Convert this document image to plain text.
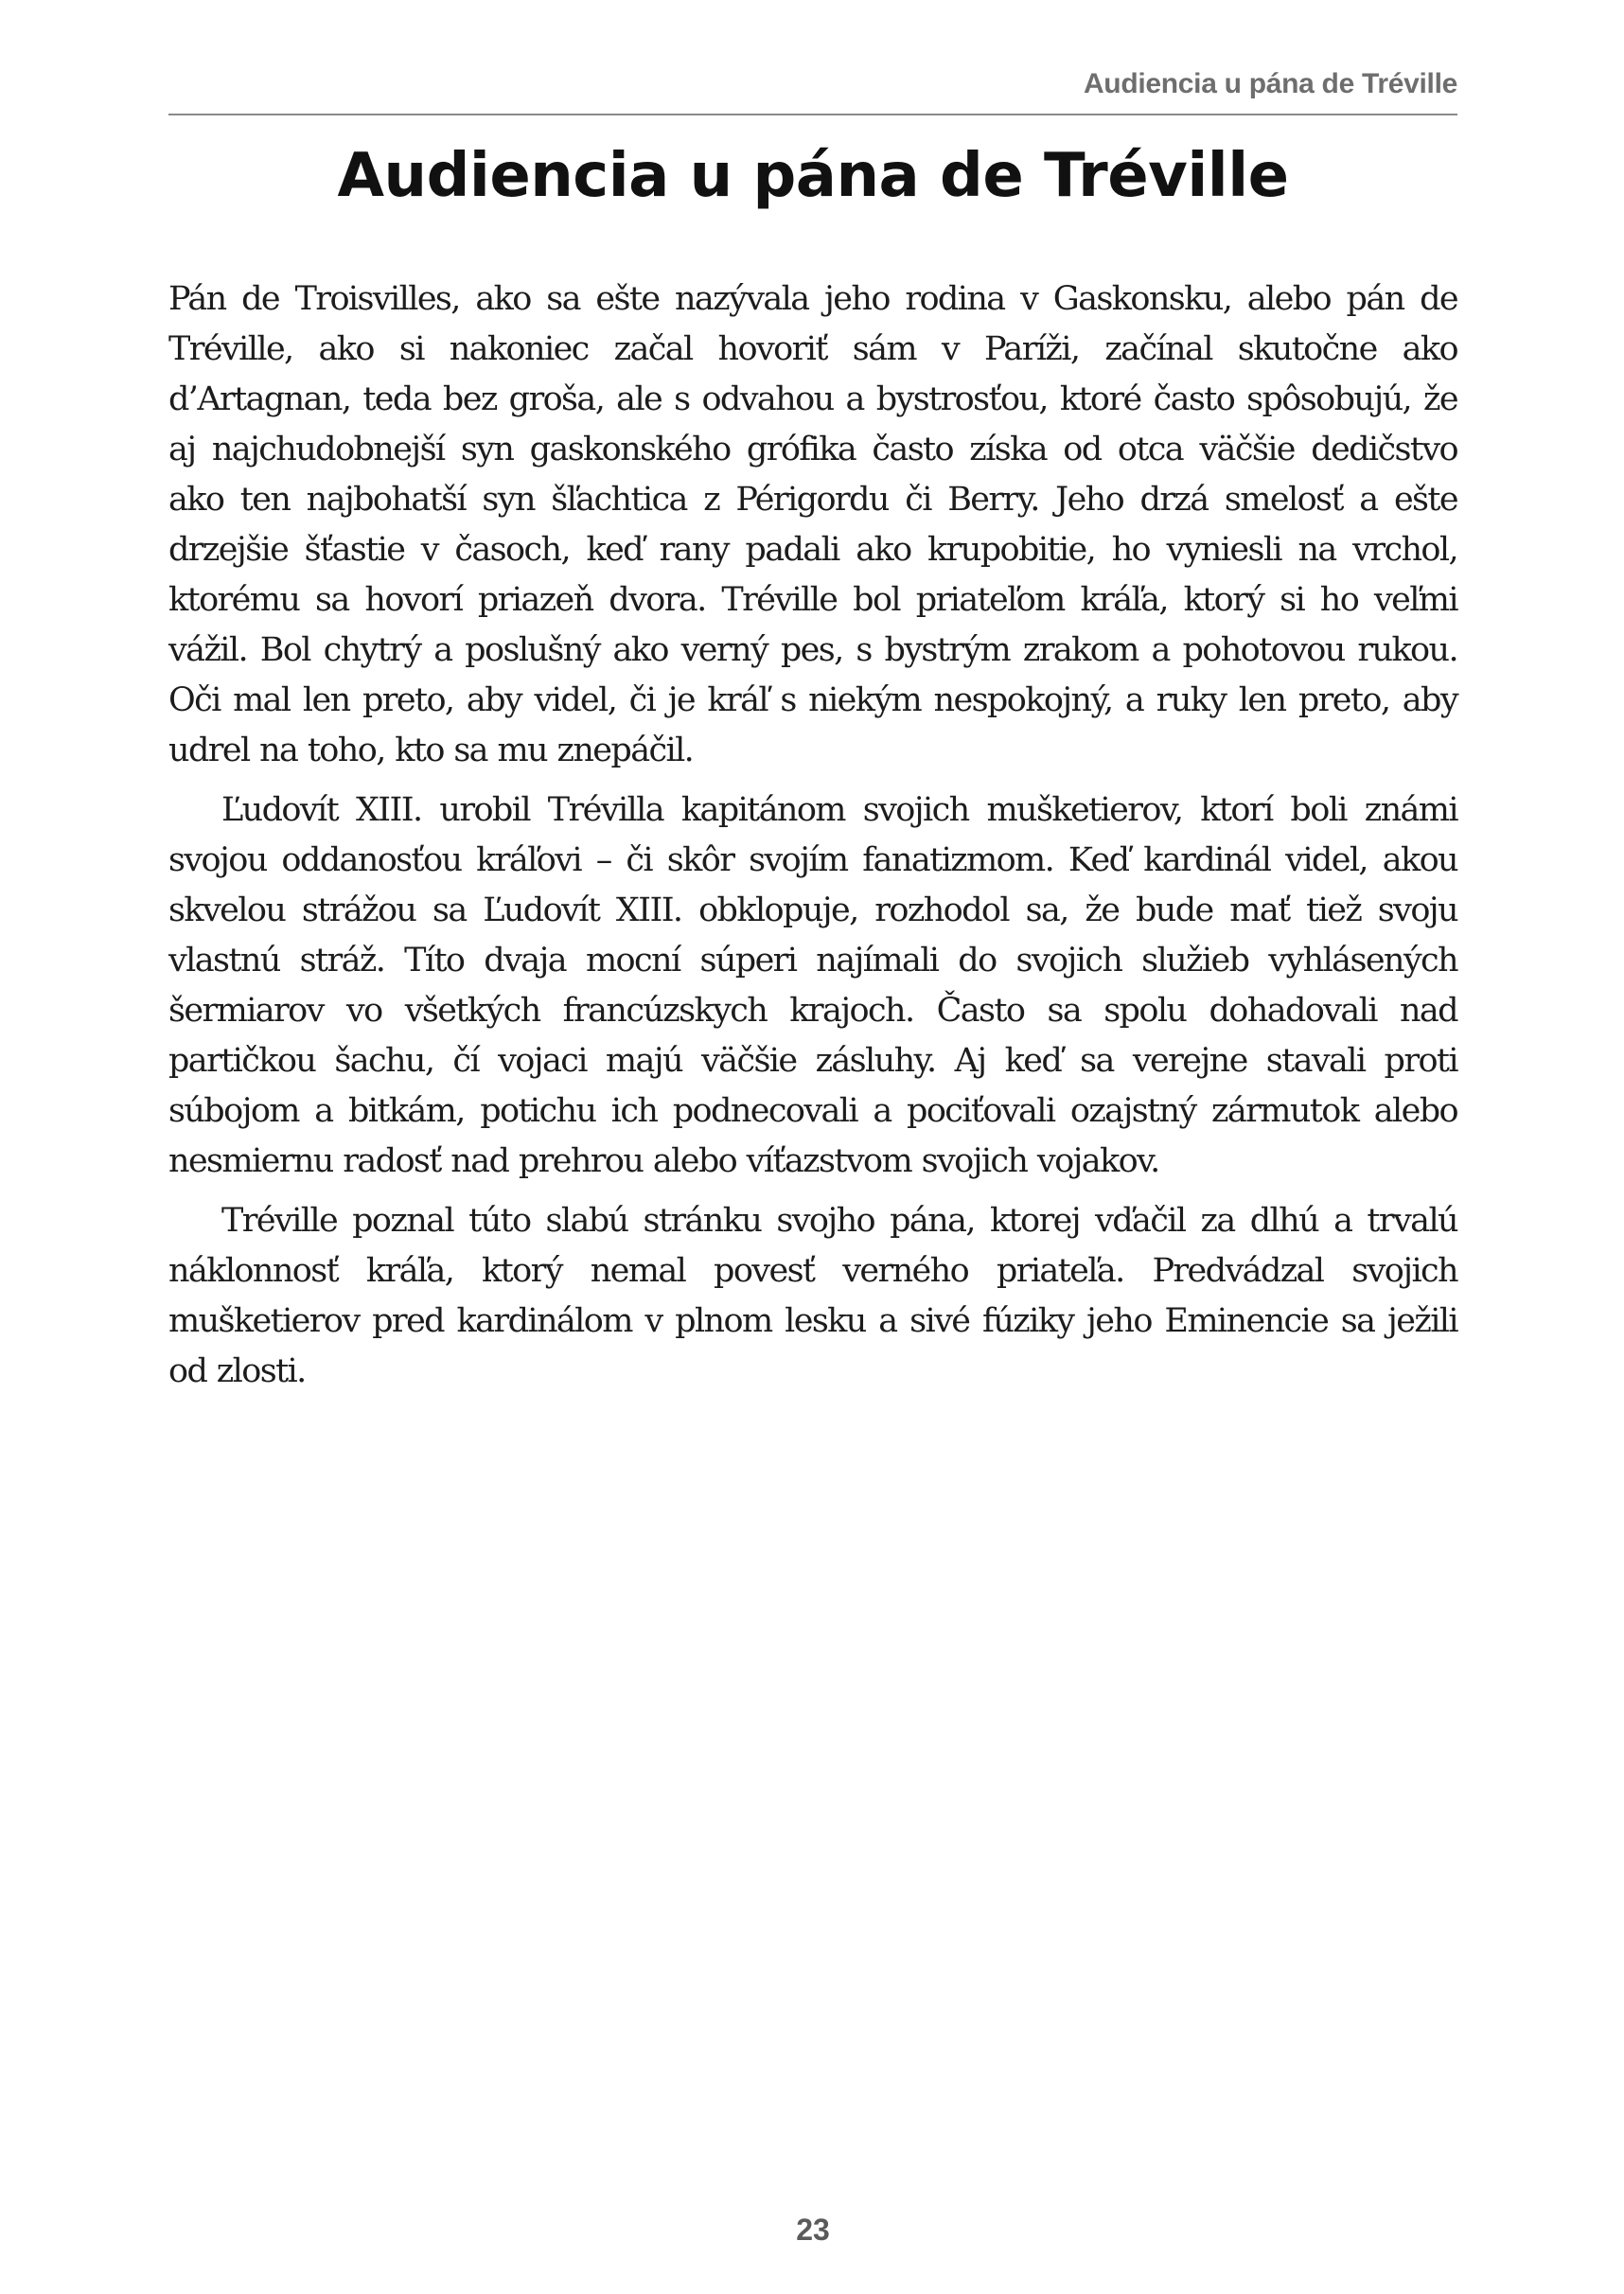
Audiencia u pána de Tréville
Audiencia u pána de Tréville

Pán de Troisvilles, ako sa ešte nazývala jeho rodina v Gaskonsku, alebo pán de Tréville, ako si nakoniec začal hovoriť sám v Paríži, začínal skutočne ako d’Artagnan, teda bez groša, ale s odvahou a bystrosťou, ktoré často spôsobujú, že aj najchudobnejší syn gaskonského grófika často získa od otca väčšie dedičstvo ako ten najbohatší syn šľachtica z Périgordu či Berry. Jeho drzá smelosť a ešte drzejšie šťastie v časoch, keď rany padali ako krupobitie, ho vyniesli na vrchol, ktorému sa hovorí priazeň dvora. Tréville bol priateľom kráľa, ktorý si ho veľmi vážil. Bol chytrý a poslušný ako verný pes, s bystrým zrakom a pohotovou rukou. Oči mal len preto, aby videl, či je kráľ s niekým nespokojný, a ruky len preto, aby udrel na toho, kto sa mu znepáčil.

Ľudovít XIII. urobil Trévilla kapitánom svojich mušketierov, ktorí boli známi svojou oddanosťou kráľovi – či skôr svojím fanatizmom. Keď kardinál videl, akou skvelou strážou sa Ľudovít XIII. obklopuje, rozhodol sa, že bude mať tiež svoju vlastnú stráž. Títo dvaja mocní súperi najímali do svojich služieb vyhlásených šermiarov vo všetkých francúzskych krajoch. Často sa spolu dohadovali nad partičkou šachu, čí vojaci majú väčšie zásluhy. Aj keď sa verejne stavali proti súbojom a bitkám, potichu ich podnecovali a pociťovali ozajstný zármutok alebo nesmiernu radosť nad prehrou alebo víťazstvom svojich vojakov.

Tréville poznal túto slabú stránku svojho pána, ktorej vďačil za dlhú a trvalú náklonnosť kráľa, ktorý nemal povesť verného priateľa. Predvádzal svojich mušketierov pred kardinálom v plnom lesku a sivé fúziky jeho Eminencie sa ježili od zlosti.

23
